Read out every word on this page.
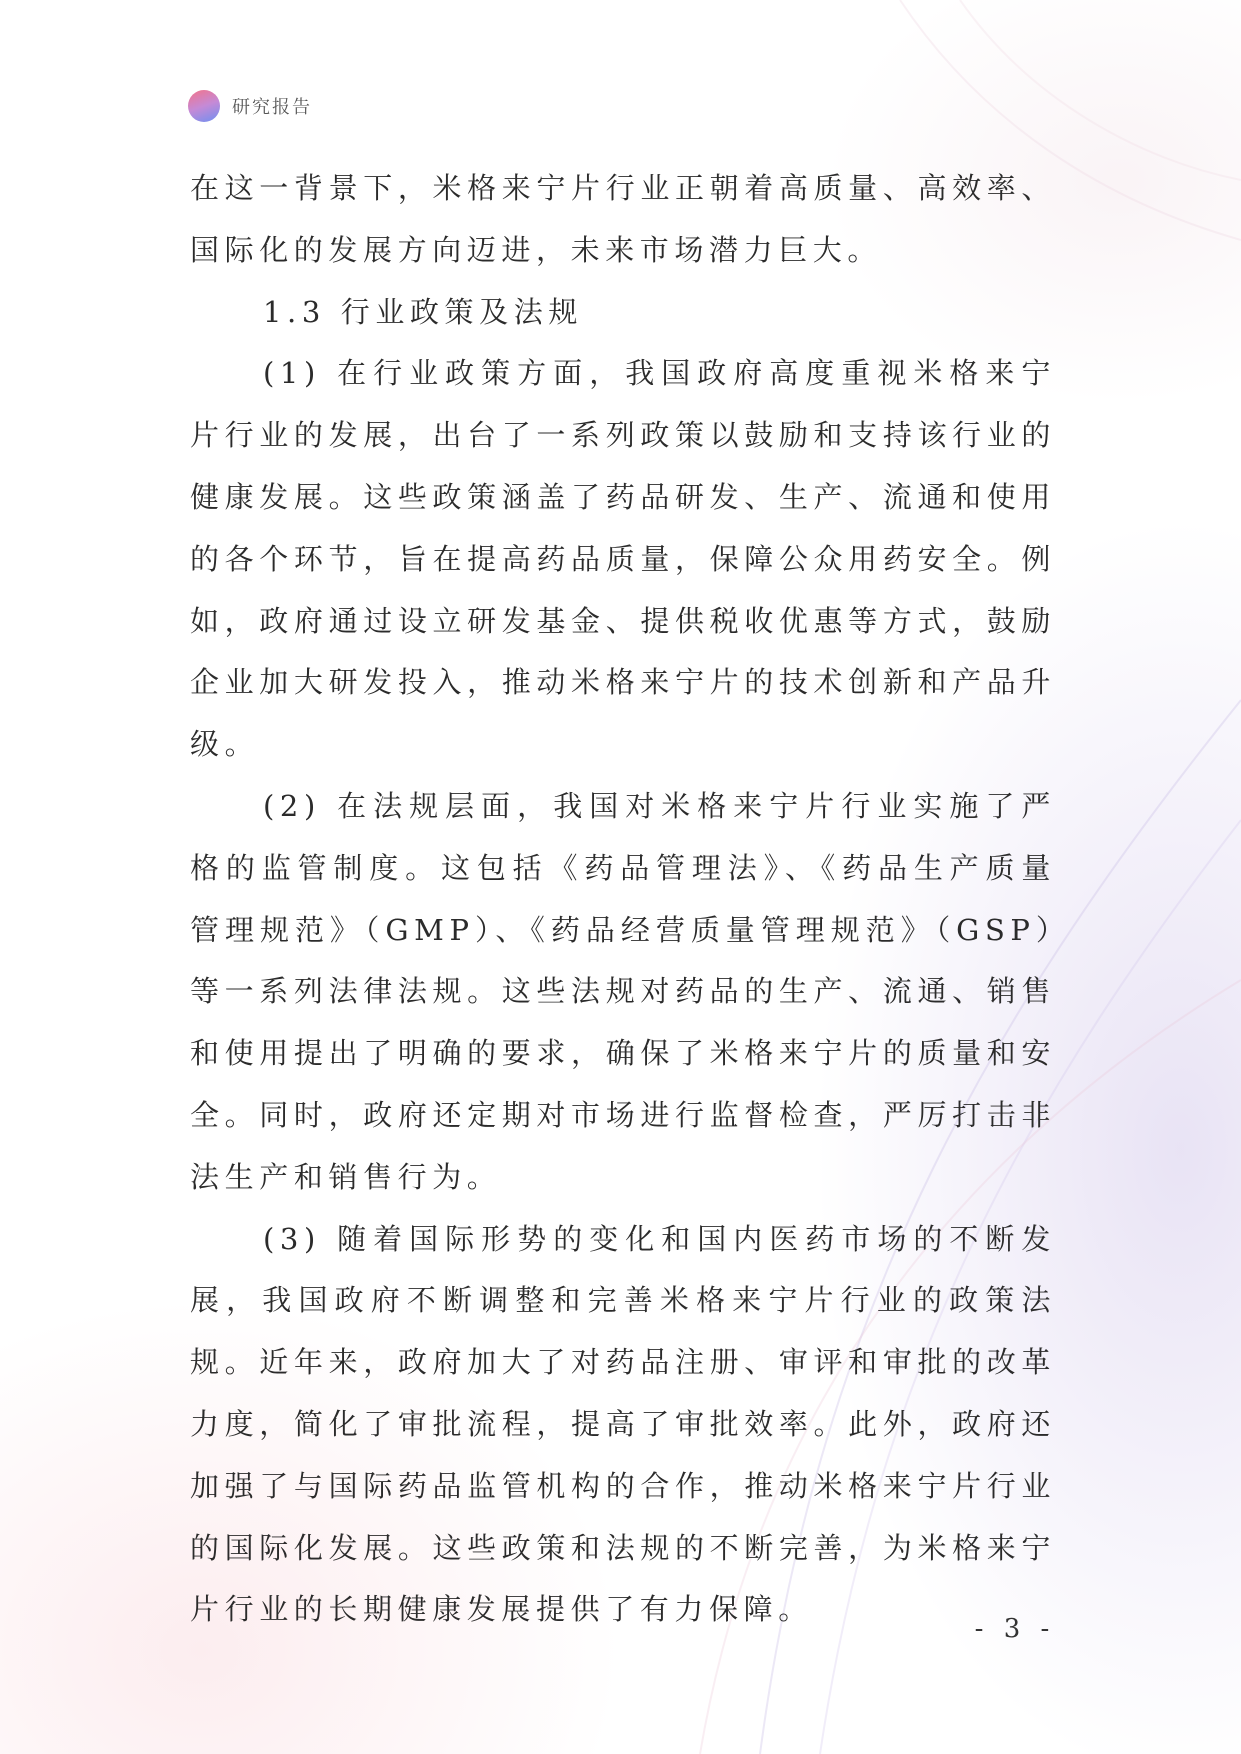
研究报告

在这一背景下，米格来宁片行业正朝着高质量、高效率、国际化的发展方向迈进，未来市场潜力巨大。

1.3 行业政策及法规

(1) 在行业政策方面，我国政府高度重视米格来宁片行业的发展，出台了一系列政策以鼓励和支持该行业的健康发展。这些政策涵盖了药品研发、生产、流通和使用的各个环节，旨在提高药品质量，保障公众用药安全。例如，政府通过设立研发基金、提供税收优惠等方式，鼓励企业加大研发投入，推动米格来宁片的技术创新和产品升级。

(2) 在法规层面，我国对米格来宁片行业实施了严格的监管制度。这包括《药品管理法》、《药品生产质量管理规范》（GMP）、《药品经营质量管理规范》（GSP）等一系列法律法规。这些法规对药品的生产、流通、销售和使用提出了明确的要求，确保了米格来宁片的质量和安全。同时，政府还定期对市场进行监督检查，严厉打击非法生产和销售行为。

(3) 随着国际形势的变化和国内医药市场的不断发展，我国政府不断调整和完善米格来宁片行业的政策法规。近年来，政府加大了对药品注册、审评和审批的改革力度，简化了审批流程，提高了审批效率。此外，政府还加强了与国际药品监管机构的合作，推动米格来宁片行业的国际化发展。这些政策和法规的不断完善，为米格来宁片行业的长期健康发展提供了有力保障。

- 3 -
